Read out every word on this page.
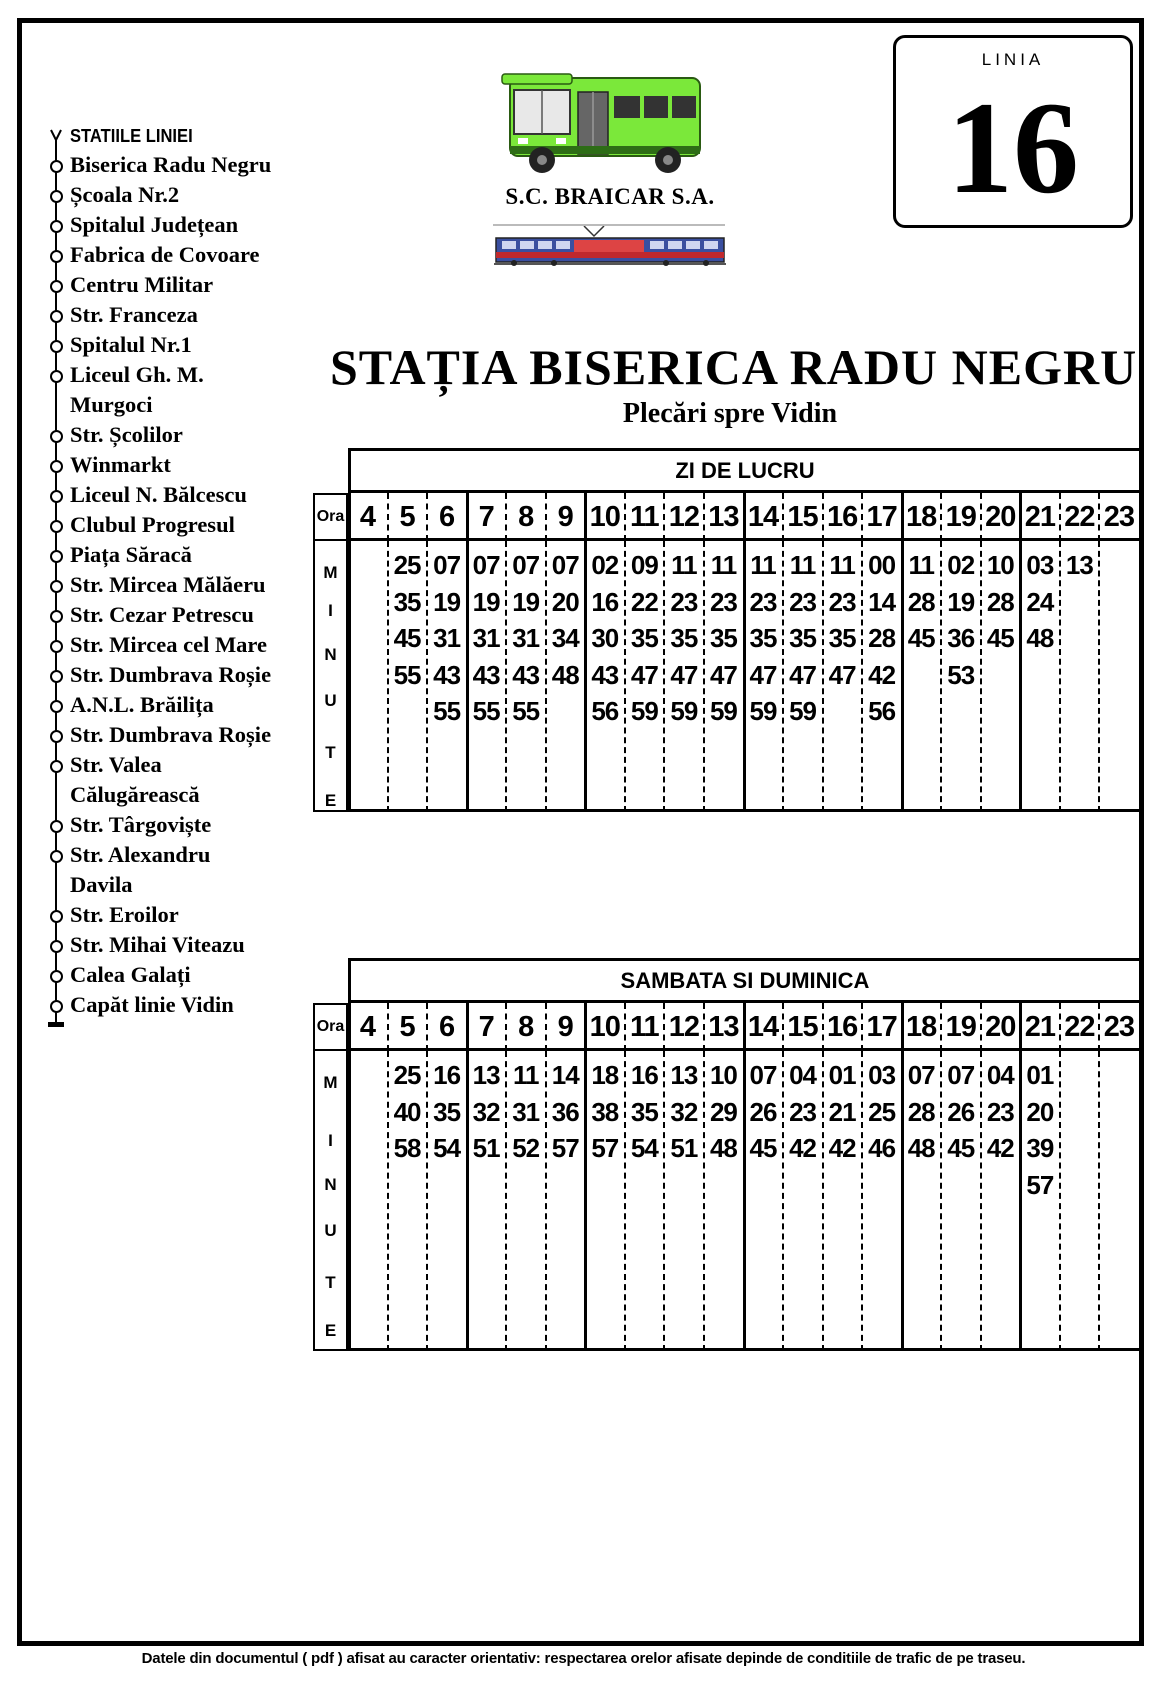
LINIA
16
S.C. BRAICAR S.A.
STAȚIA BISERICA RADU NEGRU
Plecări spre Vidin
STATIILE LINIEI
Biserica Radu Negru
Școala Nr.2
Spitalul Județean
Fabrica de Covoare
Centru Militar
Str. Franceza
Spitalul Nr.1
Liceul Gh. M. Murgoci
Str. Școlilor
Winmarkt
Liceul N. Bălcescu
Clubul Progresul
Piața Săracă
Str. Mircea Mălăeru
Str. Cezar Petrescu
Str. Mircea cel Mare
Str. Dumbrava Roșie
A.N.L. Brăilița
Str. Dumbrava Roșie
Str. Valea Călugărească
Str. Târgoviște
Str. Alexandru Davila
Str. Eroilor
Str. Mihai Viteazu
Calea Galați
Capăt linie Vidin
ZI DE LUCRU
Ora 4 5 6 7 8 9 10 11 12 13 14 15 16 17 18 19 20 21 22 23
M
I
N
U
T
E
25
35
45
55
07
19
31
43
55
07
19
31
43
55
07
19
31
43
55
07
20
34
48
02
16
30
43
56
09
22
35
47
59
11
23
35
47
59
11
23
35
47
59
11
23
35
47
59
11
23
35
47
59
11
23
35
47
00
14
28
42
56
11
28
45
02
19
36
53
10
28
45
03
24
48
13
SAMBATA SI DUMINICA
Ora 4 5 6 7 8 9 10 11 12 13 14 15 16 17 18 19 20 21 22 23
M
I
N
U
T
E
25
40
58
16
35
54
13
32
51
11
31
52
14
36
57
18
38
57
16
35
54
13
32
51
10
29
48
07
26
45
04
23
42
01
21
42
03
25
46
07
28
48
07
26
45
04
23
42
01
20
39
57
Datele din documentul ( pdf ) afisat au caracter orientativ: respectarea orelor afisate depinde de conditiile de trafic de pe traseu.
